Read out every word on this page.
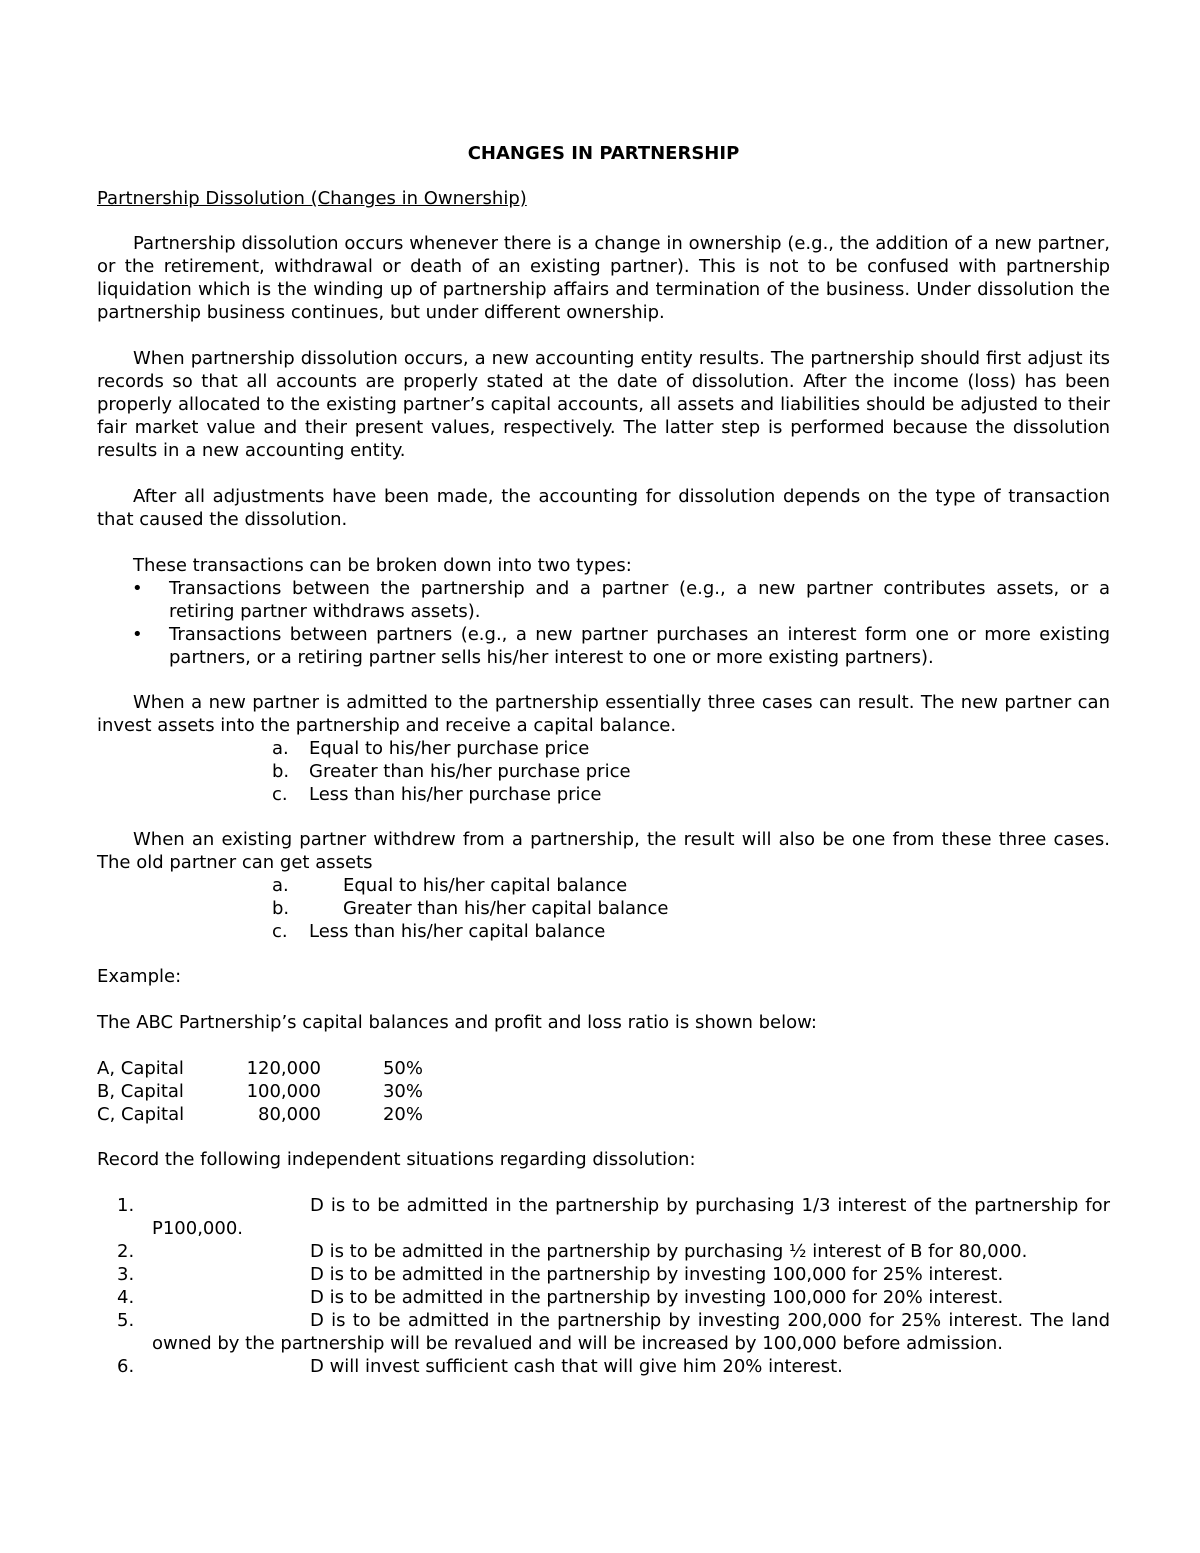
CHANGES IN PARTNERSHIP
Partnership Dissolution (Changes in Ownership)

Partnership dissolution occurs whenever there is a change in ownership (e.g., the addition of a new partner, or the retirement, withdrawal or death of an existing partner). This is not to be confused with partnership liquidation which is the winding up of partnership affairs and termination of the business. Under dissolution the partnership business continues, but under different ownership.

When partnership dissolution occurs, a new accounting entity results. The partnership should first adjust its records so that all accounts are properly stated at the date of dissolution. After the income (loss) has been properly allocated to the existing partner’s capital accounts, all assets and liabilities should be adjusted to their fair market value and their present values, respectively. The latter step is performed because the dissolution results in a new accounting entity.

After all adjustments have been made, the accounting for dissolution depends on the type of transaction that caused the dissolution.

These transactions can be broken down into two types:

• Transactions between the partnership and a partner (e.g., a new partner contributes assets, or a retiring partner withdraws assets).
• Transactions between partners (e.g., a new partner purchases an interest form one or more existing partners, or a retiring partner sells his/her interest to one or more existing partners).

When a new partner is admitted to the partnership essentially three cases can result. The new partner can invest assets into the partnership and receive a capital balance.

a. Equal to his/her purchase price
b. Greater than his/her purchase price
c. Less than his/her purchase price

When an existing partner withdrew from a partnership, the result will also be one from these three cases. The old partner can get assets

a.	Equal to his/her capital balance
b.	Greater than his/her capital balance
c. Less than his/her capital balance

Example:

The ABC Partnership’s capital balances and profit and loss ratio is shown below:

A, Capital	120,000	50%
B, Capital	100,000	30%
C, Capital	80,000	20%

Record the following independent situations regarding dissolution:

1.	D is to be admitted in the partnership by purchasing 1/3 interest of the partnership for P100,000.
2.	D is to be admitted in the partnership by purchasing ½ interest of B for 80,000.
3.	D is to be admitted in the partnership by investing 100,000 for 25% interest.
4.	D is to be admitted in the partnership by investing 100,000 for 20% interest.
5.	D is to be admitted in the partnership by investing 200,000 for 25% interest. The land owned by the partnership will be revalued and will be increased by 100,000 before admission.
6.	D will invest sufficient cash that will give him 20% interest.
